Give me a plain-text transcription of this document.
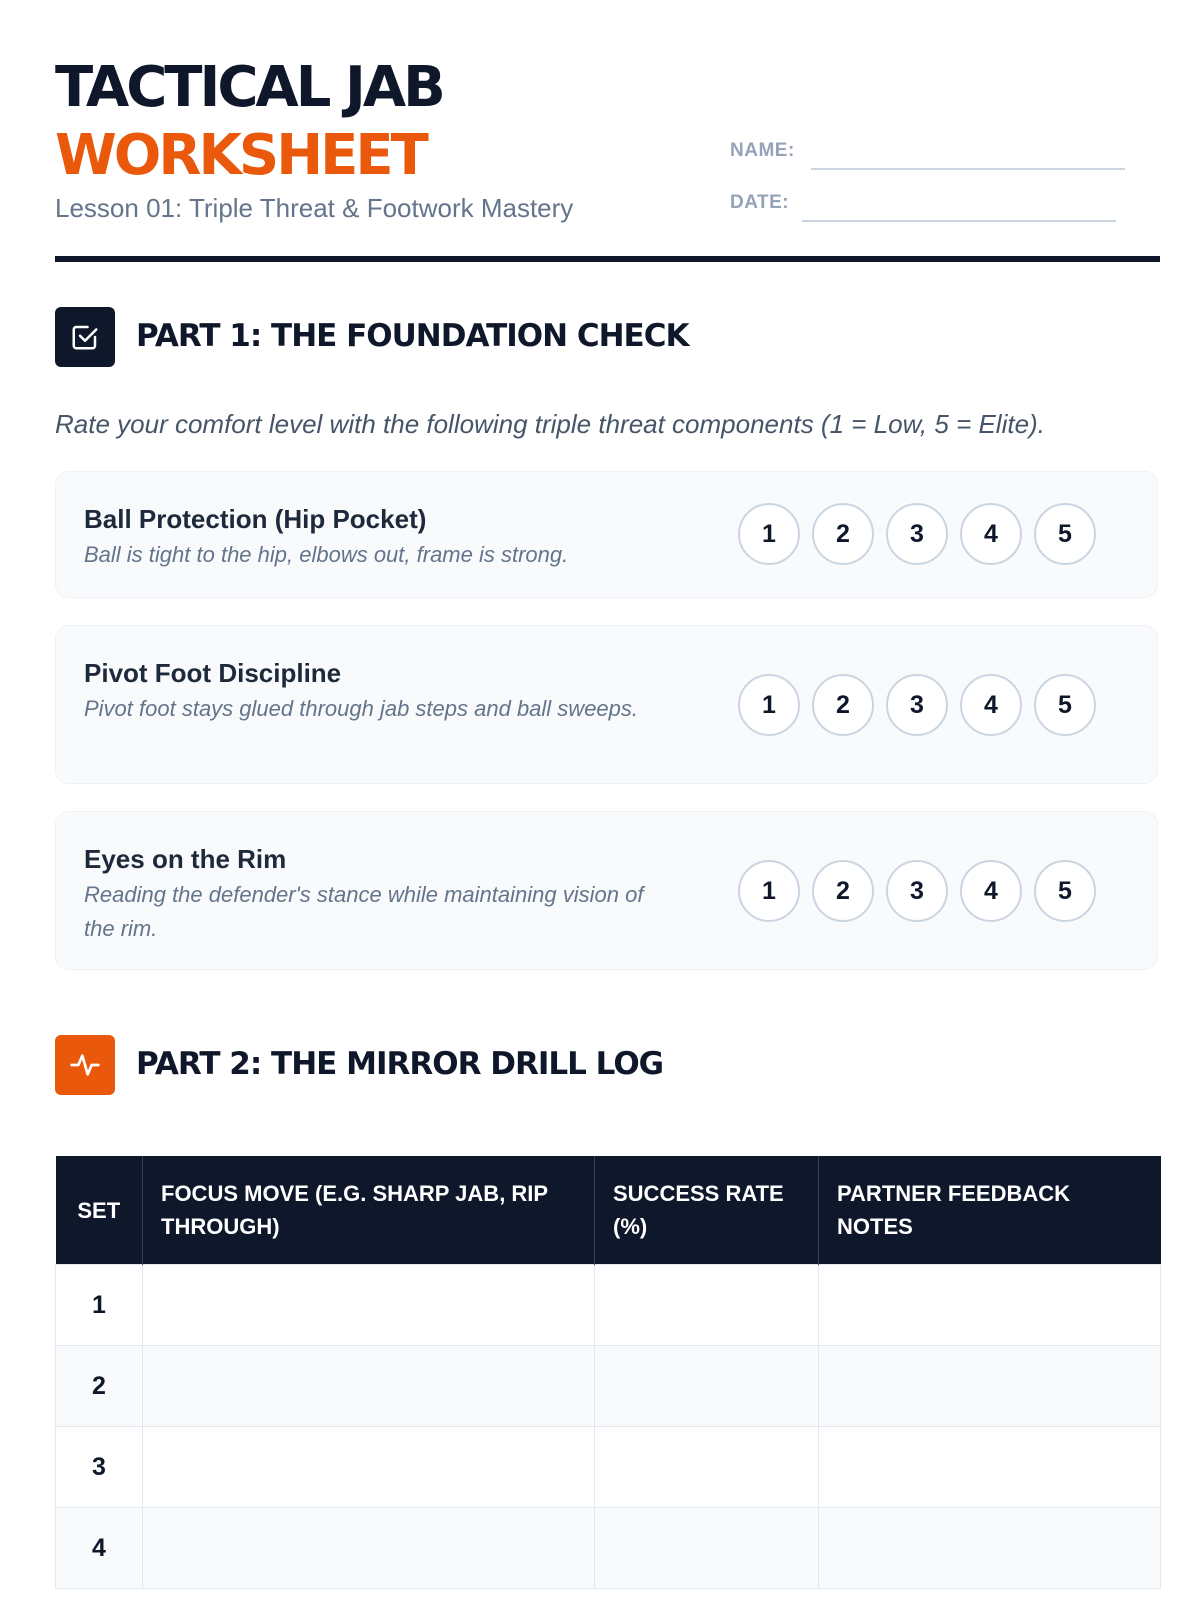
TACTICAL JAB
WORKSHEET
Lesson 01: Triple Threat & Footwork Mastery
NAME:
DATE:
PART 1: THE FOUNDATION CHECK
Rate your comfort level with the following triple threat components (1 = Low, 5 = Elite).
Ball Protection (Hip Pocket)
Ball is tight to the hip, elbows out, frame is strong.
1	2	3	4	5
Pivot Foot Discipline
Pivot foot stays glued through jab steps and ball sweeps.	1	2	3	4	5
Eyes on the Rim
Reading the defender's stance while maintaining vision of the rim.
1	2	3	4	5
PART 2: THE MIRROR DRILL LOG
SET	FOCUS MOVE (E.G. SHARP JAB, RIP THROUGH)	SUCCESS RATE (%)	PARTNER FEEDBACK NOTES
1	

2	

3	

4	
